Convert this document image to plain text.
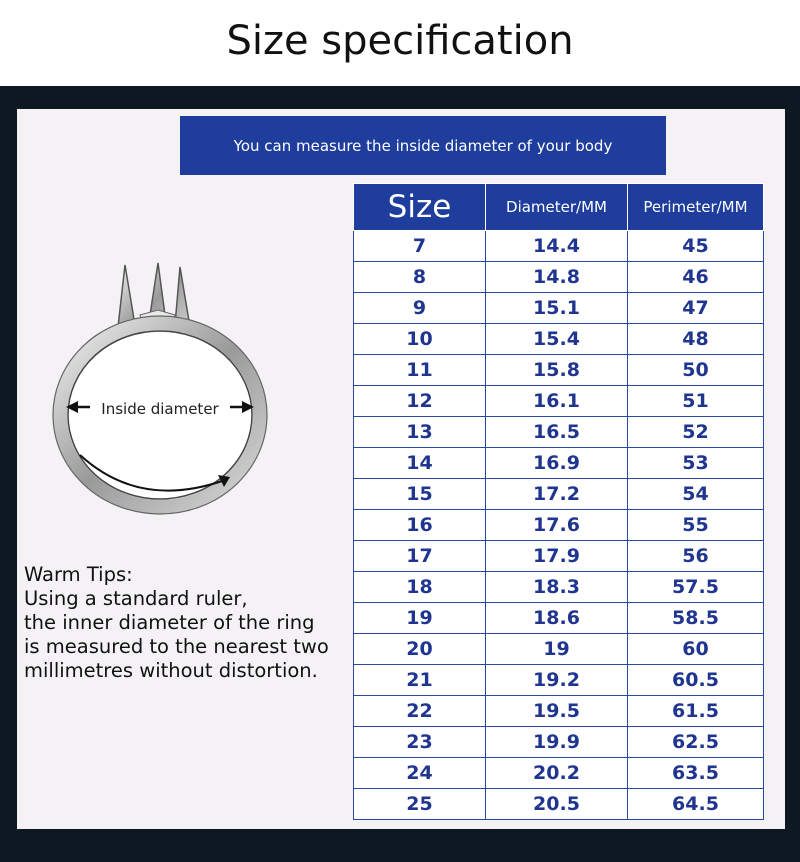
Size specification
You can measure the inside diameter of your body
Size	Diameter/MM	Perimeter/MM
7	14.4	45
8	14.8	46
9	15.1	47
10	15.4	48
11	15.8	50
12	16.1	51
13	16.5	52
14	16.9	53
15	17.2	54
16	17.6	55
17	17.9	56
18	18.3	57.5
19	18.6	58.5
20	19	60
21	19.2	60.5
22	19.5	61.5
23	19.9	62.5
24	20.2	63.5
25	20.5	64.5
Inside diameter
Warm Tips:
Using a standard ruler,
the inner diameter of the ring
is measured to the nearest two
millimetres without distortion.
